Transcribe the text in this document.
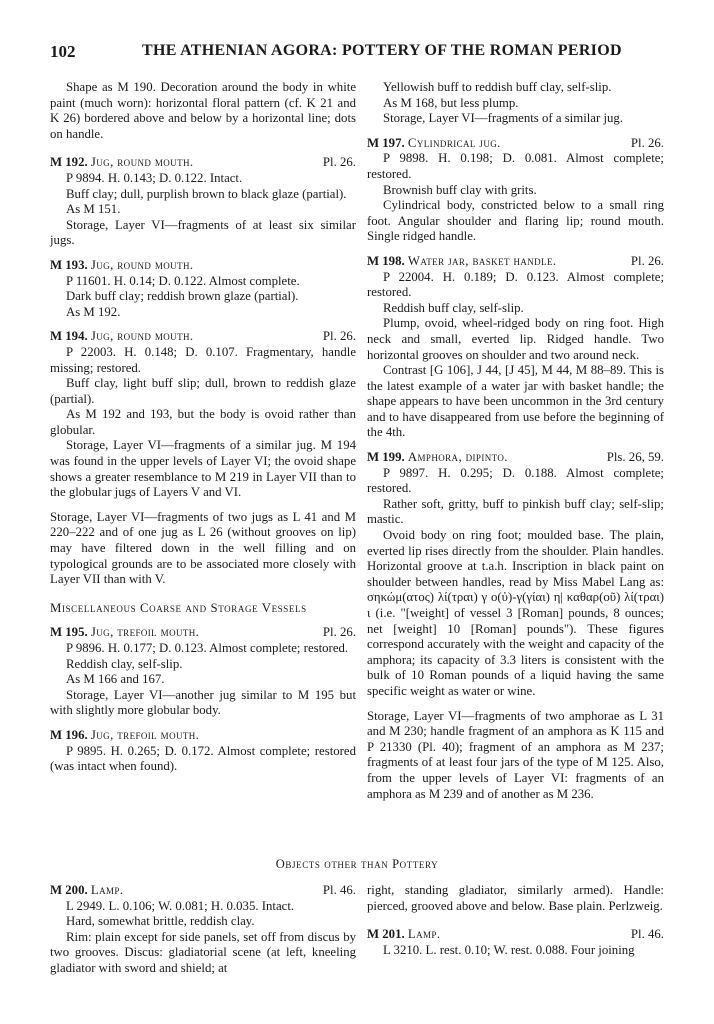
102	THE ATHENIAN AGORA: POTTERY OF THE ROMAN PERIOD

Shape as M 190. Decoration around the body in white paint (much worn): horizontal floral pattern (cf. K 21 and K 26) bordered above and below by a horizontal line; dots on handle.

M 192. Jug, round mouth.	Pl. 26.

P 9894. H. 0.143; D. 0.122. Intact.

Buff clay; dull, purplish brown to black glaze (partial).

As M 151.

Storage, Layer VI—fragments of at least six similar jugs.

M 193. Jug, round mouth.

P 11601. H. 0.14; D. 0.122. Almost complete.

Dark buff clay; reddish brown glaze (partial).

As M 192.

M 194. Jug, round mouth.	Pl. 26.

P 22003. H. 0.148; D. 0.107. Fragmentary, handle missing; restored.

Buff clay, light buff slip; dull, brown to reddish glaze (partial).

As M 192 and 193, but the body is ovoid rather than globular.

Storage, Layer VI—fragments of a similar jug. M 194 was found in the upper levels of Layer VI; the ovoid shape shows a greater resemblance to M 219 in Layer VII than to the globular jugs of Layers V and VI.

Storage, Layer VI—fragments of two jugs as L 41 and M 220–222 and of one jug as L 26 (without grooves on lip) may have filtered down in the well filling and on typological grounds are to be associated more closely with Layer VII than with V.

Miscellaneous Coarse and Storage Vessels
M 195. Jug, trefoil mouth.	Pl. 26.

P 9896. H. 0.177; D. 0.123. Almost complete; restored.

Reddish clay, self-slip.

As M 166 and 167.

Storage, Layer VI—another jug similar to M 195 but with slightly more globular body.

M 196. Jug, trefoil mouth.

P 9895. H. 0.265; D. 0.172. Almost complete; restored (was intact when found).

Yellowish buff to reddish buff clay, self-slip.

As M 168, but less plump.

Storage, Layer VI—fragments of a similar jug.

M 197. Cylindrical jug.	Pl. 26.

P 9898. H. 0.198; D. 0.081. Almost complete; restored.

Brownish buff clay with grits.

Cylindrical body, constricted below to a small ring foot. Angular shoulder and flaring lip; round mouth. Single ridged handle.

M 198. Water jar, basket handle.	Pl. 26.

P 22004. H. 0.189; D. 0.123. Almost complete; restored.

Reddish buff clay, self-slip.

Plump, ovoid, wheel-ridged body on ring foot. High neck and small, everted lip. Ridged handle. Two horizontal grooves on shoulder and two around neck.

Contrast [G 106], J 44, [J 45], M 44, M 88–89. This is the latest example of a water jar with basket handle; the shape appears to have been uncommon in the 3rd century and to have disappeared from use before the beginning of the 4th.

M 199. Amphora, dipinto.	Pls. 26, 59.

P 9897. H. 0.295; D. 0.188. Almost complete; restored.

Rather soft, gritty, buff to pinkish buff clay; self-slip; mastic.

Ovoid body on ring foot; moulded base. The plain, everted lip rises directly from the shoulder. Plain handles. Horizontal groove at t.a.h. Inscription in black paint on shoulder between handles, read by Miss Mabel Lang as: σηκώμ(ατος) λί(τραι) γ ο(ὐ)-γ(γίαι) η| καθαρ(οῦ) λί(τραι) ι (i.e. "[weight] of vessel 3 [Roman] pounds, 8 ounces; net [weight] 10 [Roman] pounds"). These figures correspond accurately with the weight and capacity of the amphora; its capacity of 3.3 liters is consistent with the bulk of 10 Roman pounds of a liquid having the same specific weight as water or wine.

Storage, Layer VI—fragments of two amphorae as L 31 and M 230; handle fragment of an amphora as K 115 and P 21330 (Pl. 40); fragment of an amphora as M 237; fragments of at least four jars of the type of M 125. Also, from the upper levels of Layer VI: fragments of an amphora as M 239 and of another as M 236.

Objects other than Pottery
M 200. Lamp.	Pl. 46.

L 2949. L. 0.106; W. 0.081; H. 0.035. Intact.

Hard, somewhat brittle, reddish clay.

Rim: plain except for side panels, set off from discus by two grooves. Discus: gladiatorial scene (at left, kneeling gladiator with sword and shield; at

right, standing gladiator, similarly armed). Handle: pierced, grooved above and below. Base plain. Perlzweig.

M 201. Lamp.	Pl. 46.

L 3210. L. rest. 0.10; W. rest. 0.088. Four joining
